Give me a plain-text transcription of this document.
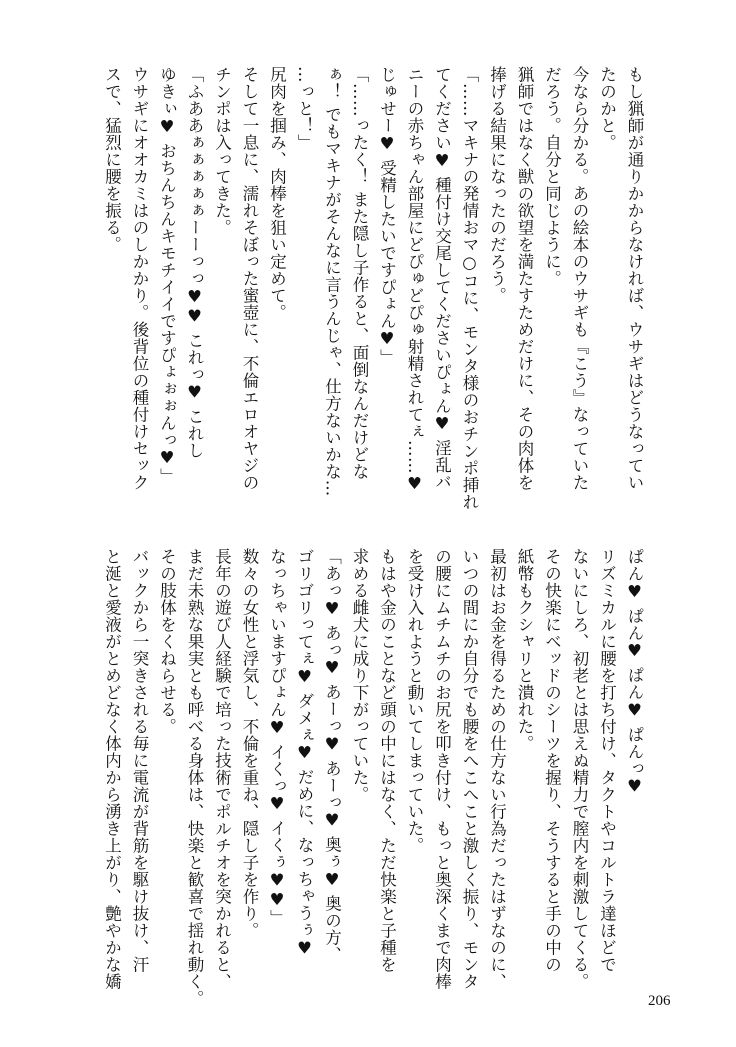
もし猟師が通りかからなければ、ウサギはどうなってい

たのかと。

今なら分かる。あの絵本のウサギも『こう』なっていた

だろう。自分と同じように。

猟師ではなく獣の欲望を満たすためだけに、その肉体を

捧げる結果になったのだろう。

「……マキナの発情おマ○コに、モンタ様のおチンポ挿れ

てください♥ 種付け交尾してくださいぴょん♥ 淫乱バ

ニーの赤ちゃん部屋にどぴゅどぴゅ射精されてぇ……♥

じゅせー♥ 受精したいですぴょん♥」

「……ったく！ また隠し子作ると、面倒なんだけどな

ぁ！ でもマキナがそんなに言うんじゃ、仕方ないかな…

…っと！」

尻肉を掴み、肉棒を狙い定めて。

そして一息に、濡れそぼった蜜壺に、不倫エロオヤジの

チンポは入ってきた。

「ふああぁぁぁぁぁーーっっ♥♥ これっ♥ これし

ゆきぃ♥ おちんちんキモチイイですぴょぉぉんっ♥」

ウサギにオオカミはのしかかり。後背位の種付けセック

スで、猛烈に腰を振る。

ぱん♥ ぱん♥ ぱん♥ ぱんっ♥

リズミカルに腰を打ち付け、タクトやコルトラ達ほどで

ないにしろ、初老とは思えぬ精力で膣内を刺激してくる。

その快楽にベッドのシーツを握り、そうすると手の中の

紙幣もクシャリと潰れた。

最初はお金を得るための仕方ない行為だったはずなのに、

いつの間にか自分でも腰をへこへこと激しく振り、モンタ

の腰にムチムチのお尻を叩き付け、もっと奥深くまで肉棒

を受け入れようと動いてしまっていた。

もはや金のことなど頭の中にはなく、ただ快楽と子種を

求める雌犬に成り下がっていた。

「あっ♥ あっ♥ あーっ♥ あーっ♥ 奥ぅ♥ 奥の方、

ゴリゴリってぇ♥ ダメぇ♥ だめに、なっちゃうぅ♥

なっちゃいますぴょん♥ イくっ♥ イくぅ♥♥」

数々の女性と浮気し、不倫を重ね、隠し子を作り。

長年の遊び人経験で培った技術でポルチオを突かれると、

まだ未熟な果実とも呼べる身体は、快楽と歓喜で揺れ動く。

その肢体をくねらせる。

バックから一突きされる毎に電流が背筋を駆け抜け、汗

と涎と愛液がとめどなく体内から湧き上がり、艶やかな嬌

206
